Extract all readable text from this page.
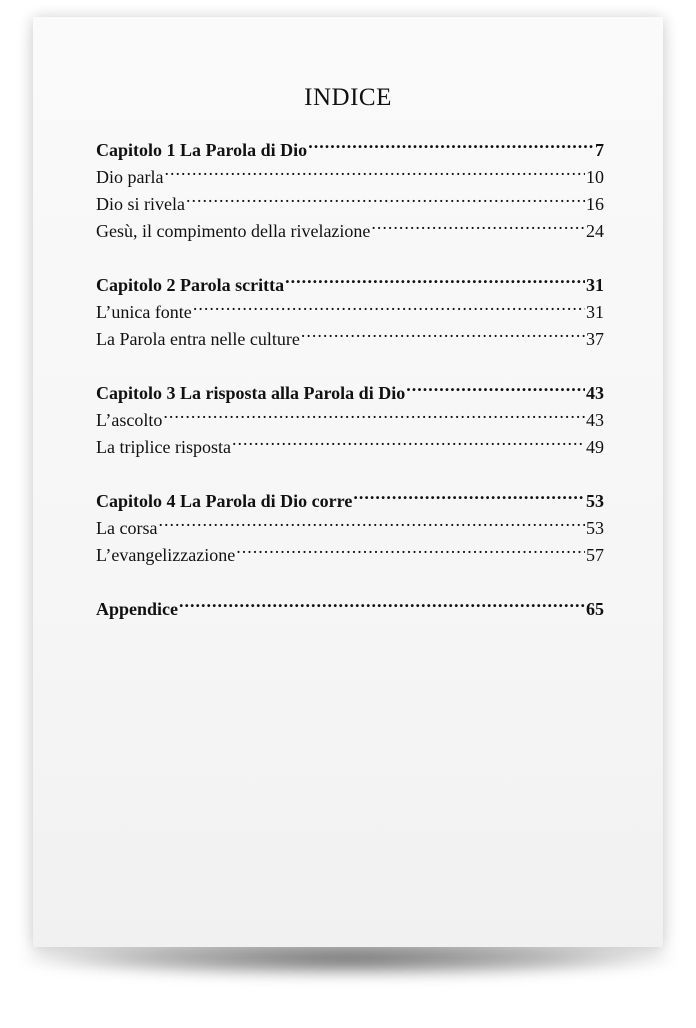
INDICE
Capitolo 1 La Parola di Dio .....	7
Dio parla .....	10
Dio si rivela .....	16
Gesù, il compimento della rivelazione .....	24
Capitolo 2 Parola scritta .....	31
L’unica fonte .....	31
La Parola entra nelle culture .....	37
Capitolo 3 La risposta alla Parola di Dio .....	43
L’ascolto .....	43
La triplice risposta .....	49
Capitolo 4 La Parola di Dio corre .....	53
La corsa .....	53
L’evangelizzazione .....	57
Appendice .....	65
